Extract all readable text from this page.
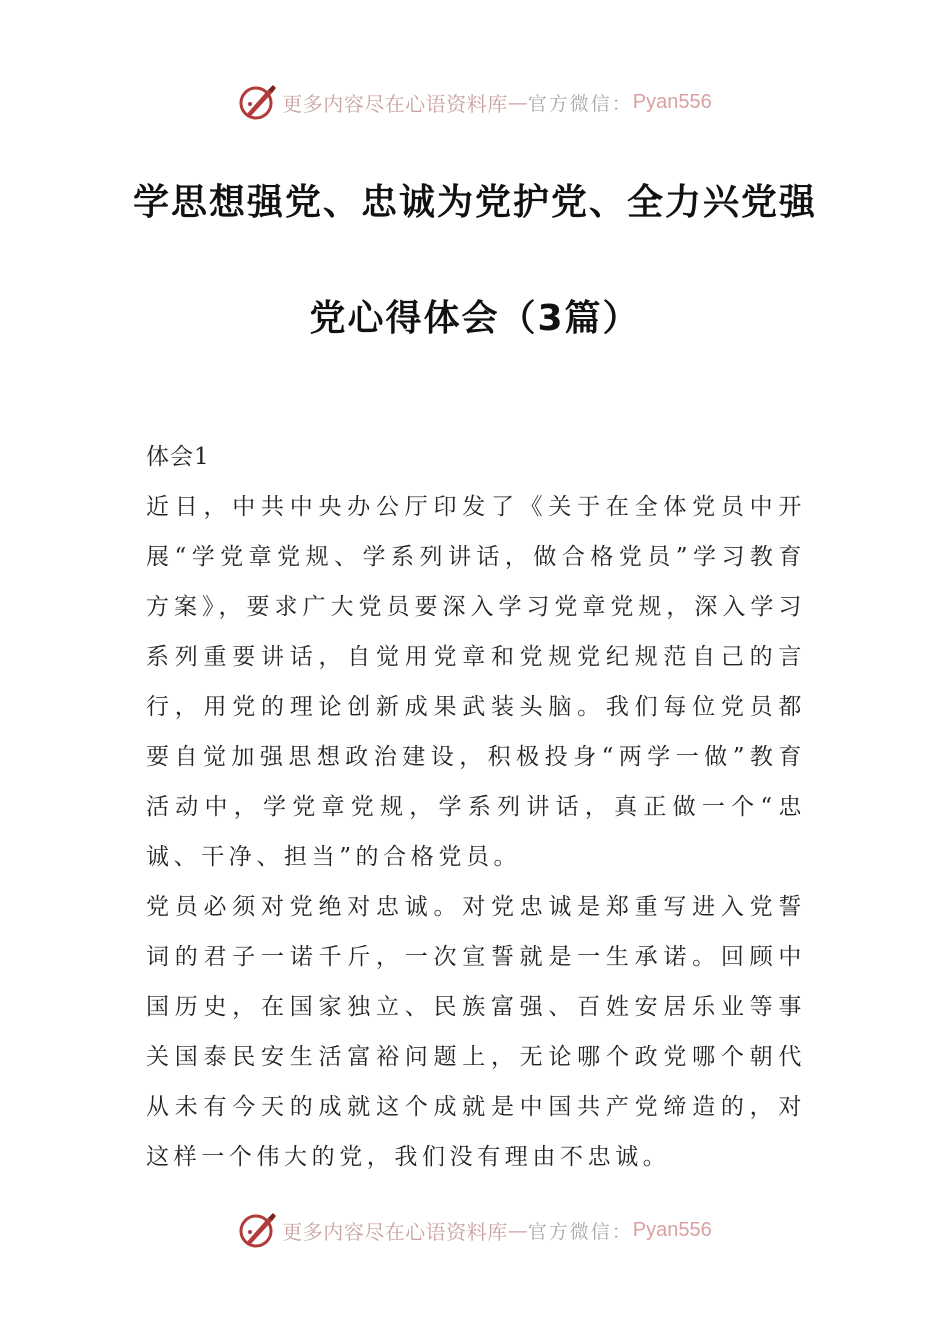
更多内容尽在心语资料库 — 官方微信： Pyan556
学思想强党、忠诚为党护党、全力兴党强
党心得体会（3篇）

体会1

近日，中共中央办公厅印发了《关于在全体党员中开展“学党章党规、学系列讲话，做合格党员”学习教育方案》，要求广大党员要深入学习党章党规，深入学习系列重要讲话，自觉用党章和党规党纪规范自己的言行，用党的理论创新成果武装头脑。我们每位党员都要自觉加强思想政治建设，积极投身“两学一做”教育活动中，学党章党规，学系列讲话，真正做一个“忠诚、干净、担当”的合格党员。

党员必须对党绝对忠诚。对党忠诚是郑重写进入党誓词的君子一诺千斤，一次宣誓就是一生承诺。回顾中国历史，在国家独立、民族富强、百姓安居乐业等事关国泰民安生活富裕问题上，无论哪个政党哪个朝代从未有今天的成就这个成就是中国共产党缔造的，对这样一个伟大的党，我们没有理由不忠诚。

更多内容尽在心语资料库 — 官方微信： Pyan556
